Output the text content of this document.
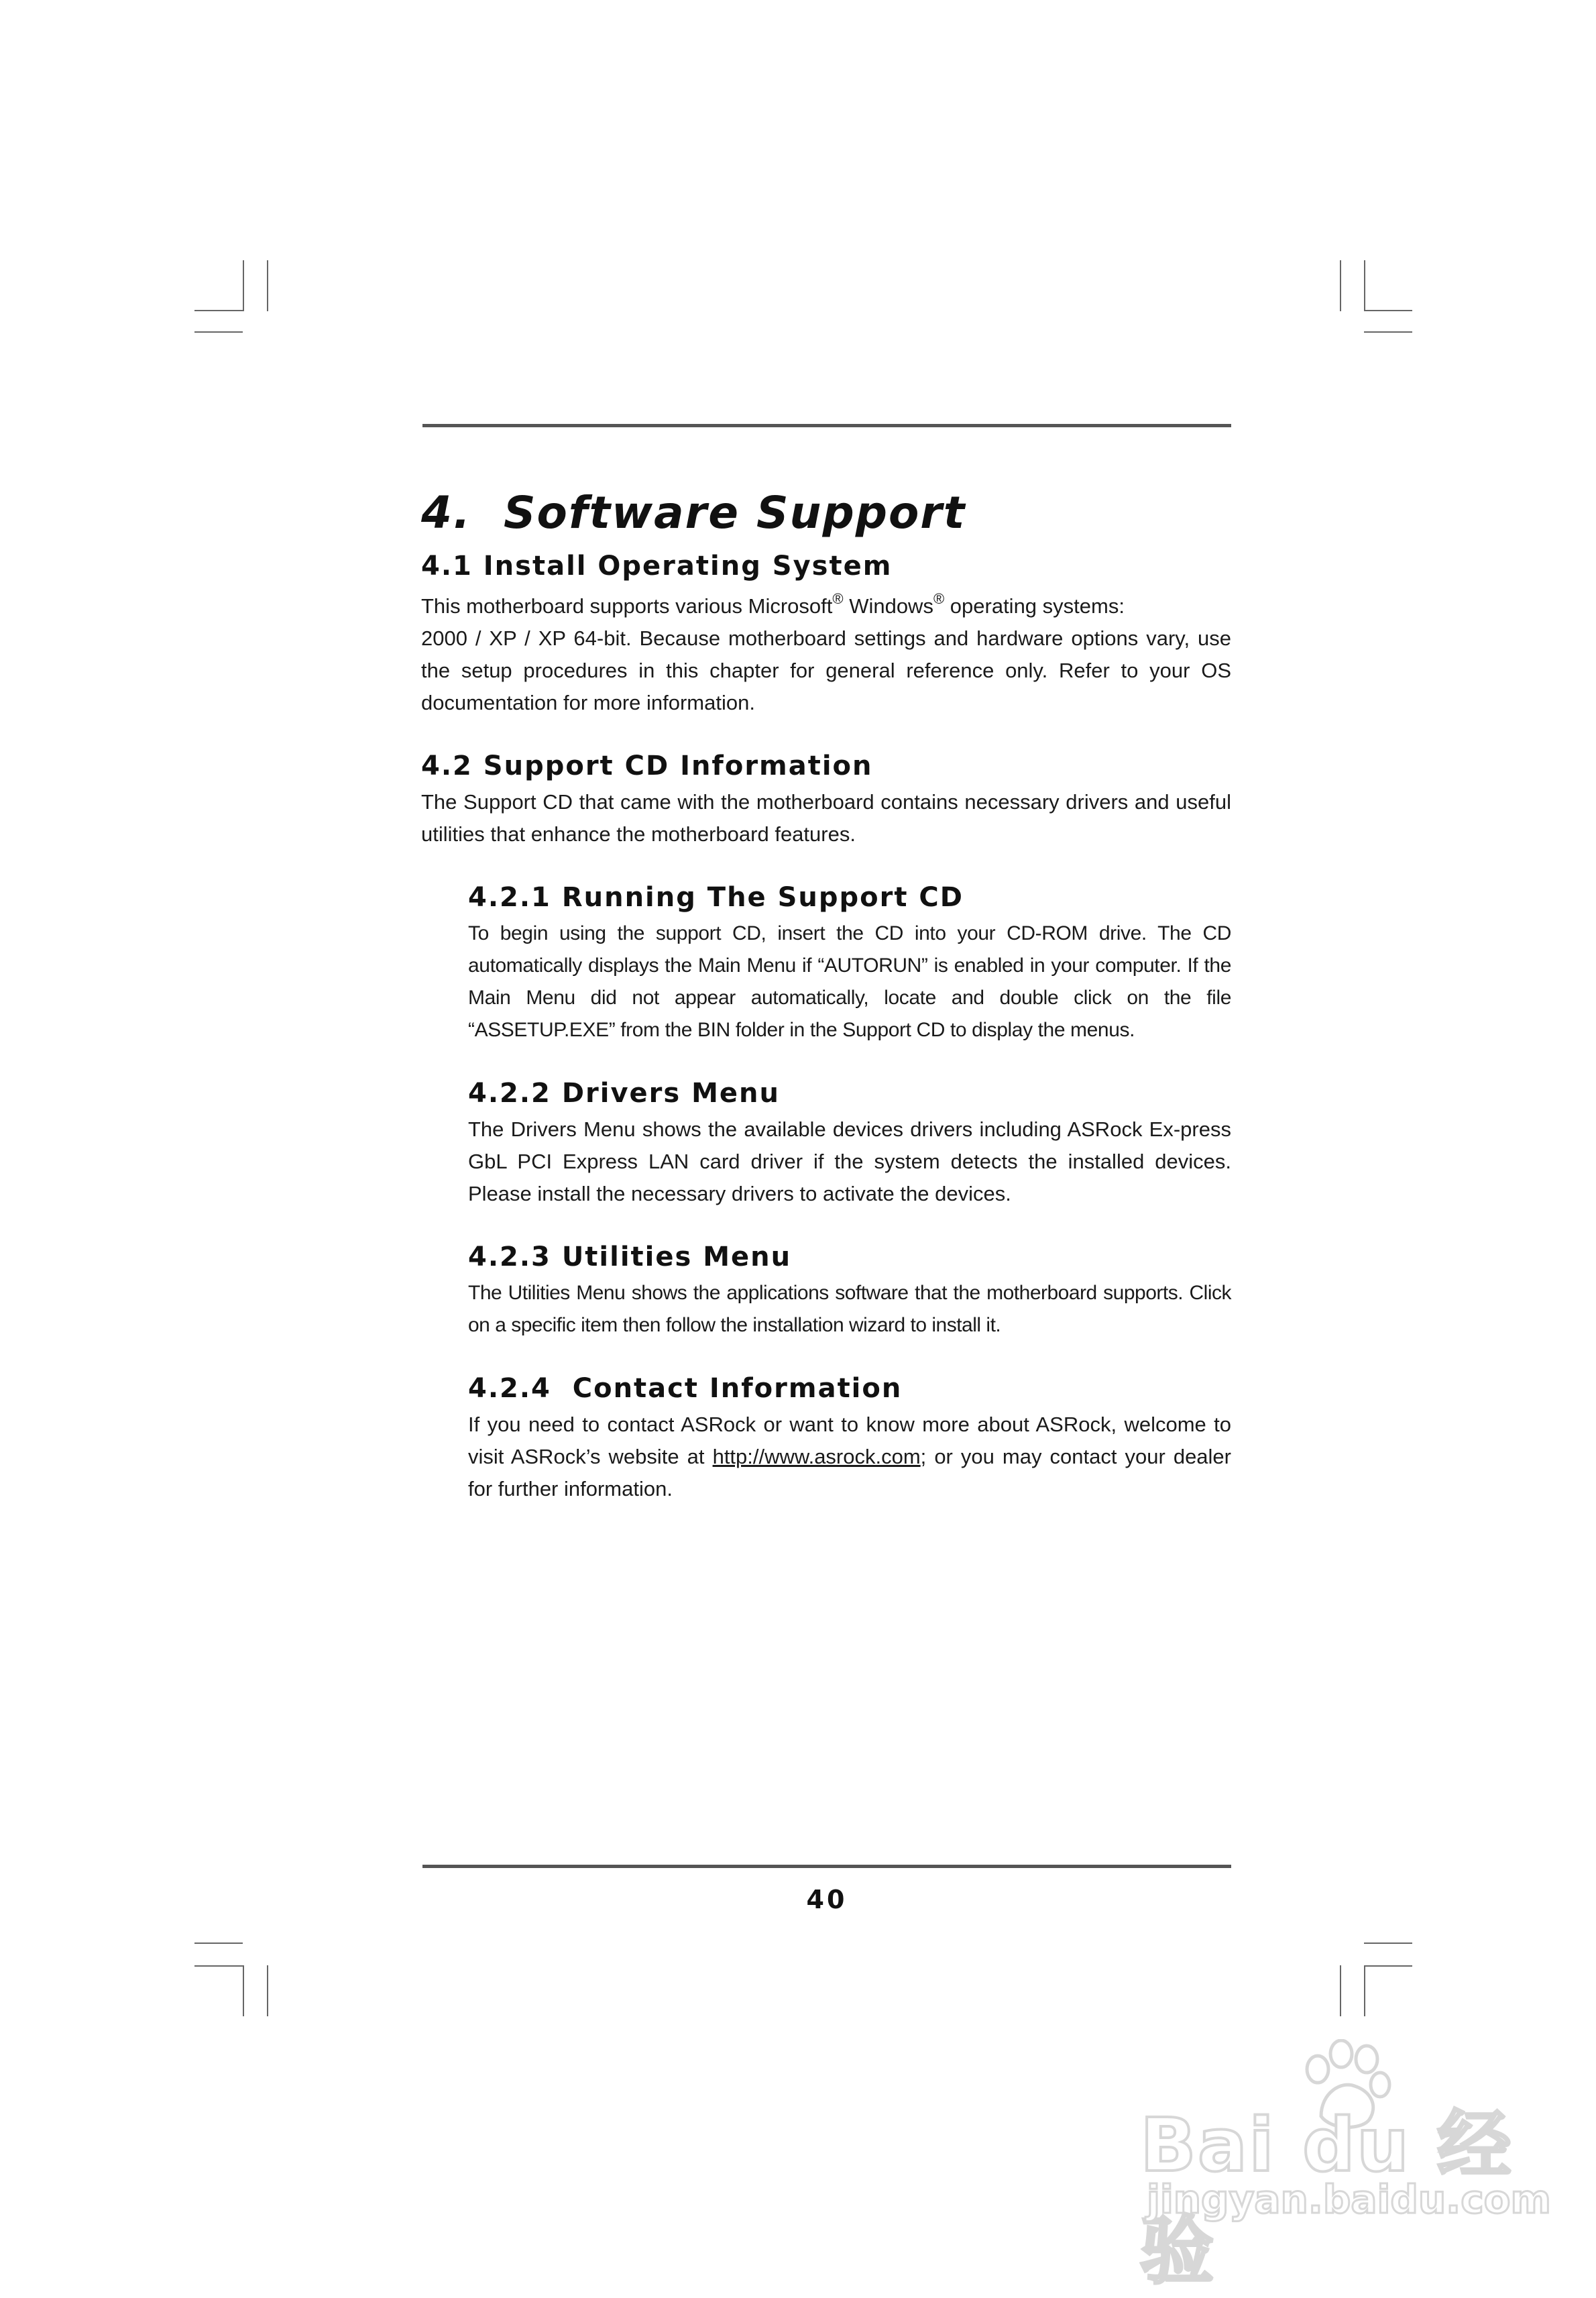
4. Software Support
4.1 Install Operating System

This motherboard supports various Microsoft® Windows® operating systems:
2000 / XP / XP 64-bit. Because motherboard settings and hardware options vary, use the setup procedures in this chapter for general reference only. Refer to your OS documentation for more information.

4.2 Support CD Information

The Support CD that came with the motherboard contains necessary drivers and useful utilities that enhance the motherboard features.

4.2.1 Running The Support CD

To begin using the support CD, insert the CD into your CD-ROM drive. The CD automatically displays the Main Menu if “AUTORUN” is enabled in your computer. If the Main Menu did not appear automatically, locate and double click on the file “ASSETUP.EXE” from the BIN folder in the Support CD to display the menus.

4.2.2 Drivers Menu

The Drivers Menu shows the available devices drivers including ASRock Ex-press GbL PCI Express LAN card driver if the system detects the installed devices. Please install the necessary drivers to activate the devices.

4.2.3 Utilities Menu

The Utilities Menu shows the applications software that the motherboard supports. Click on a specific item then follow the installation wizard to install it.

4.2.4  Contact Information

If you need to contact ASRock or want to know more about ASRock, welcome to visit ASRock’s website at http://www.asrock.com; or you may contact your dealer for further information.

40
Bai du 经验
jingyan.baidu.com
